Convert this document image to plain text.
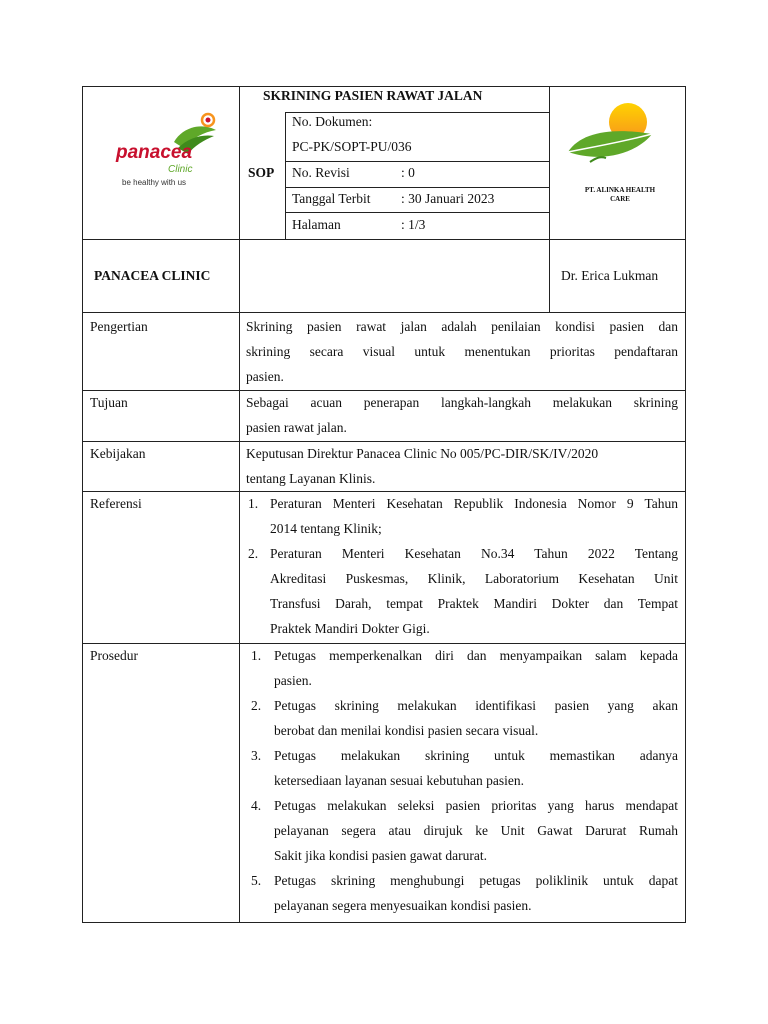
panacea
Clinic
be healthy with us
SKRINING PASIEN RAWAT JALAN
SOP
No. Dokumen:
PC-PK/SOPT-PU/036
No. Revisi	: 0
Tanggal Terbit : 30 Januari 2023
Halaman	: 1/3
PT. ALINKA HEALTH
CARE
PANACEA CLINIC	Dr. Erica Lukman
Pengertian	Skrining pasien rawat jalan adalah penilaian kondisi pasien dan
skrining secara visual untuk menentukan prioritas pendaftaran
pasien.
Tujuan	Sebagai acuan penerapan langkah-langkah melakukan skrining
pasien rawat jalan.
Kebijakan	Keputusan Direktur Panacea Clinic No 005/PC-DIR/SK/IV/2020
tentang Layanan Klinis.
Referensi	1. Peraturan Menteri Kesehatan Republik Indonesia Nomor 9 Tahun
2014 tentang Klinik;
2. Peraturan Menteri Kesehatan No.34 Tahun 2022 Tentang
Akreditasi Puskesmas, Klinik, Laboratorium Kesehatan Unit
Transfusi Darah, tempat Praktek Mandiri Dokter dan Tempat
Praktek Mandiri Dokter Gigi.
Prosedur	1. Petugas memperkenalkan diri dan menyampaikan salam kepada
pasien.
2. Petugas skrining melakukan identifikasi pasien yang akan
berobat dan menilai kondisi pasien secara visual.
3. Petugas melakukan skrining untuk memastikan adanya
ketersediaan layanan sesuai kebutuhan pasien.
4. Petugas melakukan seleksi pasien prioritas yang harus mendapat
pelayanan segera atau dirujuk ke Unit Gawat Darurat Rumah
Sakit jika kondisi pasien gawat darurat.
5. Petugas skrining menghubungi petugas poliklinik untuk dapat
pelayanan segera menyesuaikan kondisi pasien.
